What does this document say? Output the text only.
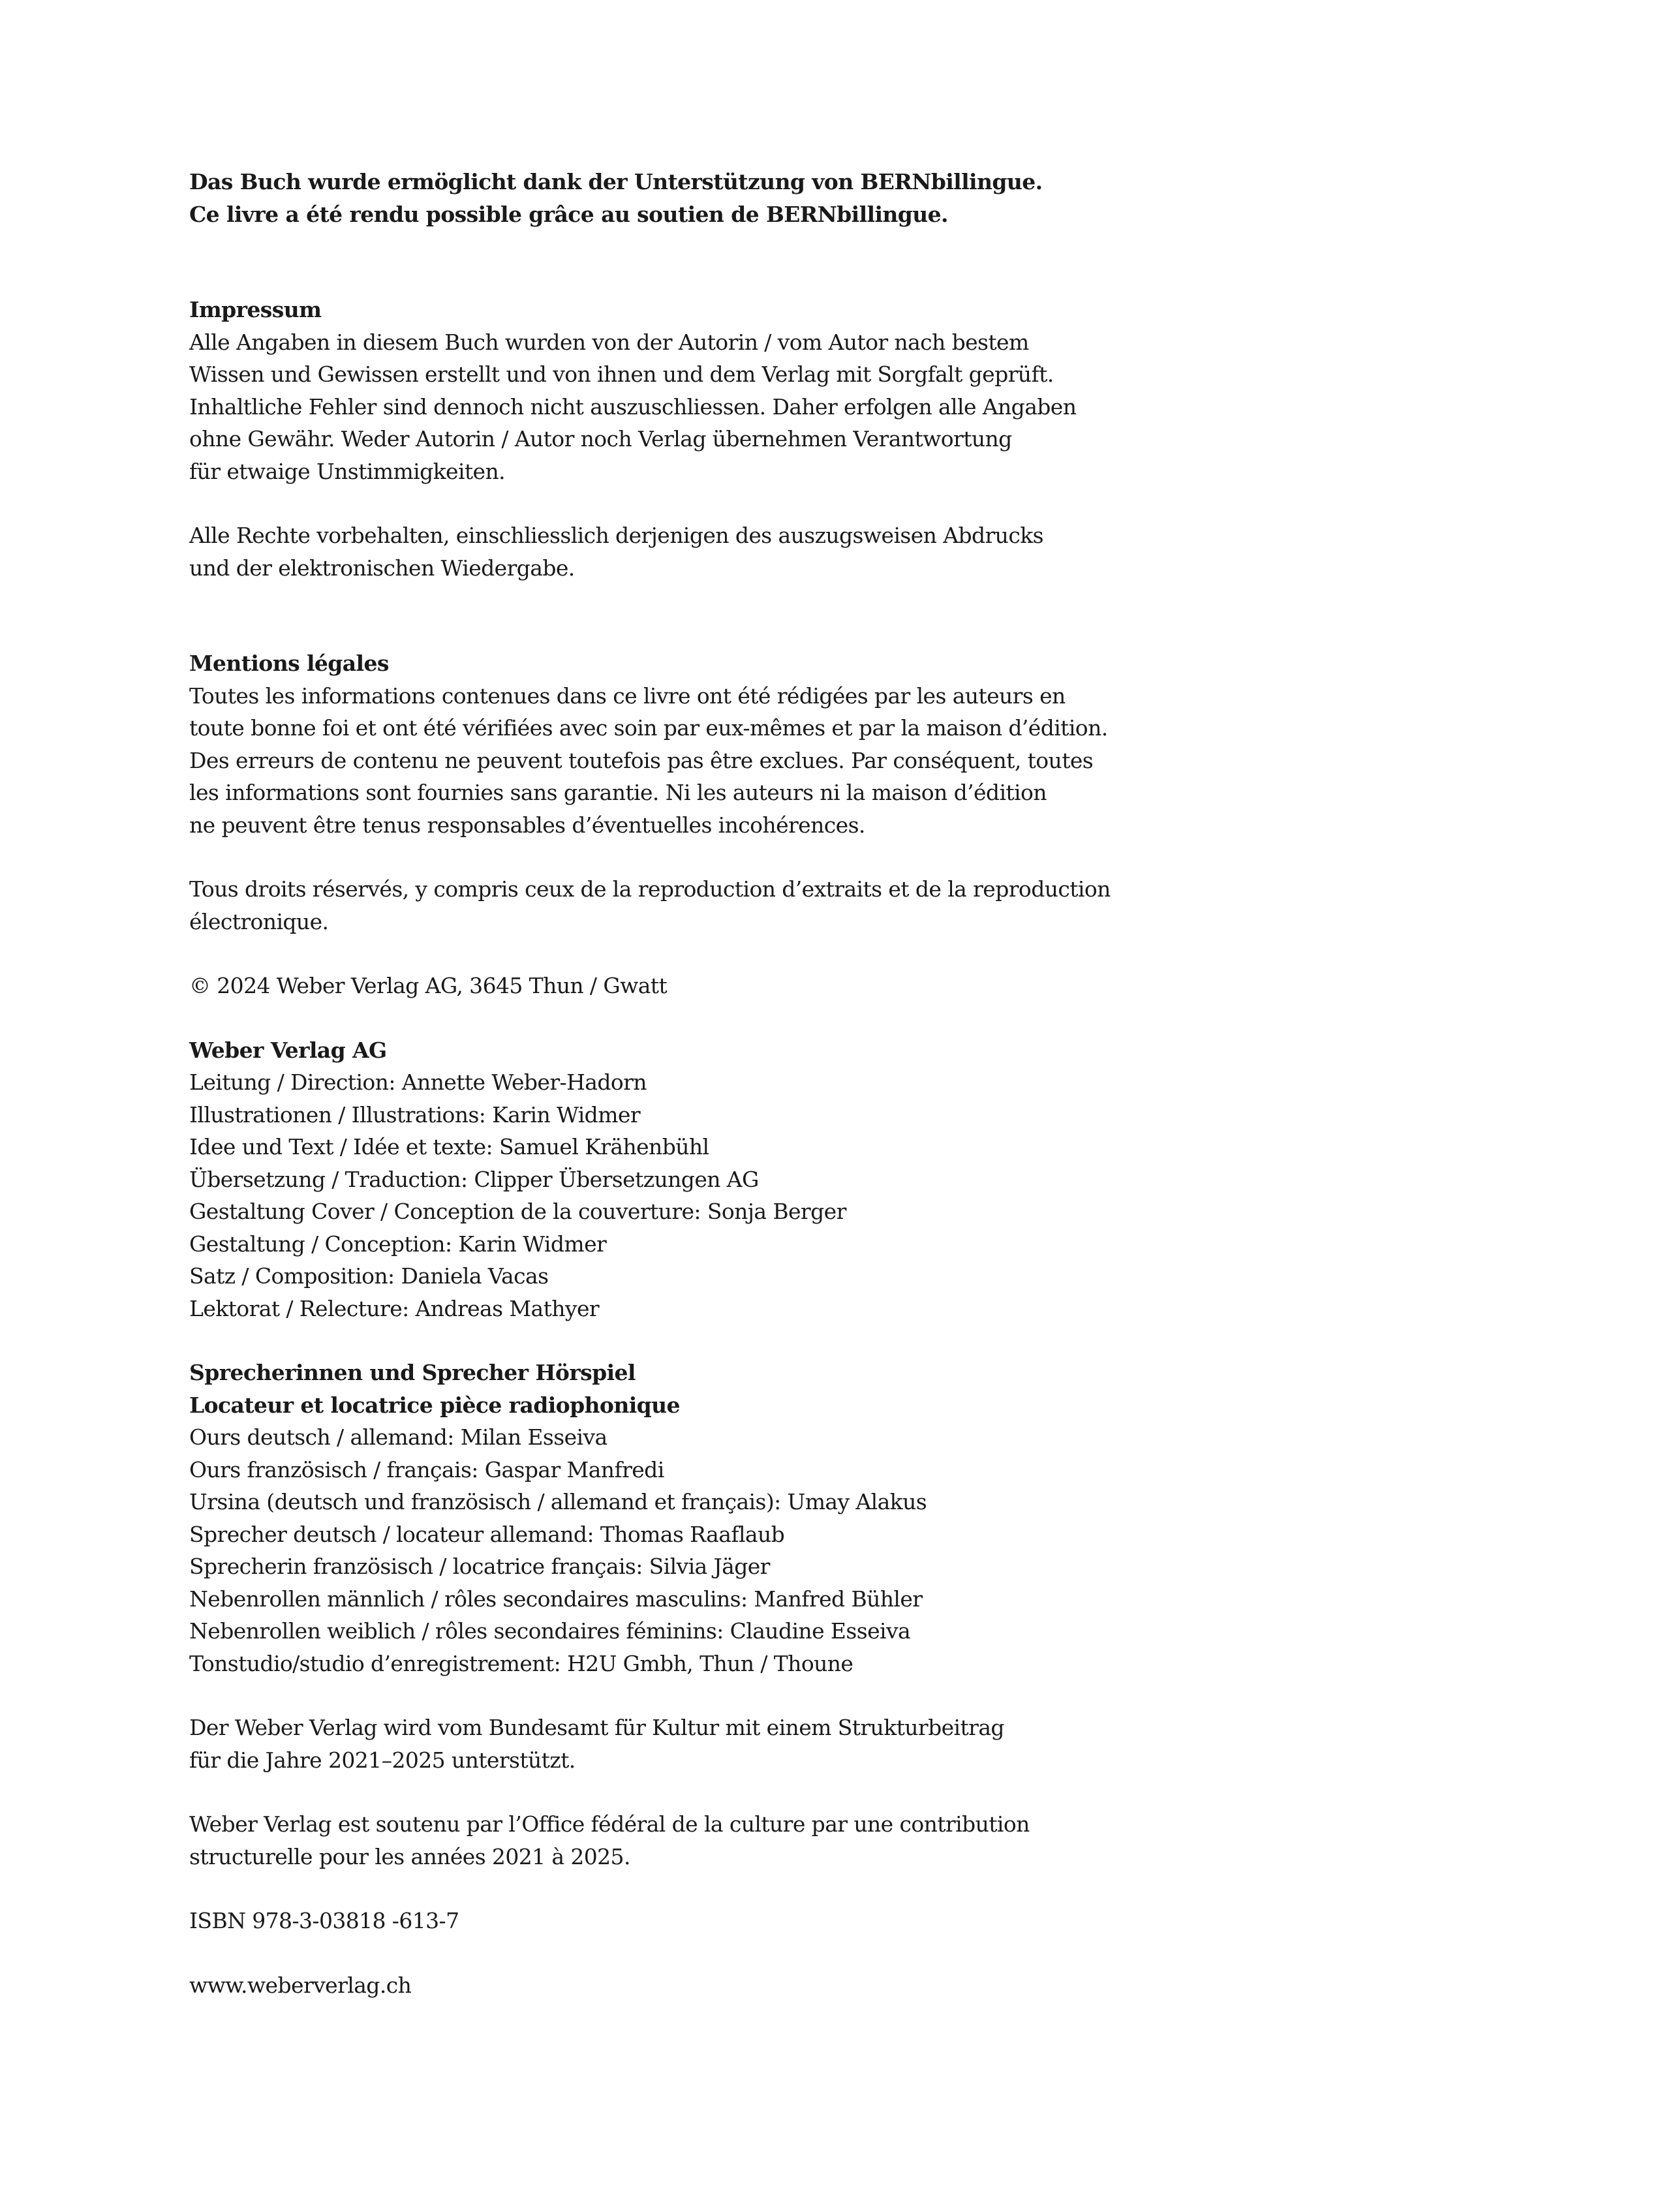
Das Buch wurde ermöglicht dank der Unterstützung von BERNbillingue.
Ce livre a été rendu possible grâce au soutien de BERNbillingue.
Impressum
Alle Angaben in diesem Buch wurden von der Autorin / vom Autor nach bestem
Wissen und Gewissen erstellt und von ihnen und dem Verlag mit Sorgfalt geprüft.
Inhaltliche Fehler sind dennoch nicht auszuschliessen. Daher erfolgen alle Angaben
ohne Gewähr. Weder Autorin / Autor noch Verlag übernehmen Verantwortung
für etwaige Unstimmigkeiten.
Alle Rechte vorbehalten, einschliesslich derjenigen des auszugsweisen Abdrucks
und der elektronischen Wiedergabe.
Mentions légales
Toutes les informations contenues dans ce livre ont été rédigées par les auteurs en
toute bonne foi et ont été vérifiées avec soin par eux-mêmes et par la maison d’édition.
Des erreurs de contenu ne peuvent toutefois pas être exclues. Par conséquent, toutes
les informations sont fournies sans garantie. Ni les auteurs ni la maison d’édition
ne peuvent être tenus responsables d’éventuelles incohérences.
Tous droits réservés, y compris ceux de la reproduction d’extraits et de la reproduction
électronique.
© 2024 Weber Verlag AG, 3645 Thun / Gwatt
Weber Verlag AG
Leitung / Direction: Annette Weber-Hadorn
Illustrationen / Illustrations: Karin Widmer
Idee und Text / Idée et texte: Samuel Krähenbühl
Übersetzung / Traduction: Clipper Übersetzungen AG
Gestaltung Cover / Conception de la couverture: Sonja Berger
Gestaltung / Conception: Karin Widmer
Satz / Composition: Daniela Vacas
Lektorat / Relecture: Andreas Mathyer
Sprecherinnen und Sprecher Hörspiel
Locateur et locatrice pièce radiophonique
Ours deutsch / allemand: Milan Esseiva
Ours französisch / français: Gaspar Manfredi
Ursina (deutsch und französisch / allemand et français): Umay Alakus
Sprecher deutsch / locateur allemand: Thomas Raaflaub
Sprecherin französisch / locatrice français: Silvia Jäger
Nebenrollen männlich / rôles secondaires masculins: Manfred Bühler
Nebenrollen weiblich / rôles secondaires féminins: Claudine Esseiva
Tonstudio/studio d’enregistrement: H2U Gmbh, Thun / Thoune
Der Weber Verlag wird vom Bundesamt für Kultur mit einem Strukturbeitrag
für die Jahre 2021–2025 unterstützt.
Weber Verlag est soutenu par l’Office fédéral de la culture par une contribution
structurelle pour les années 2021 à 2025.
ISBN 978-3-03818 -613-7
www.weberverlag.ch
